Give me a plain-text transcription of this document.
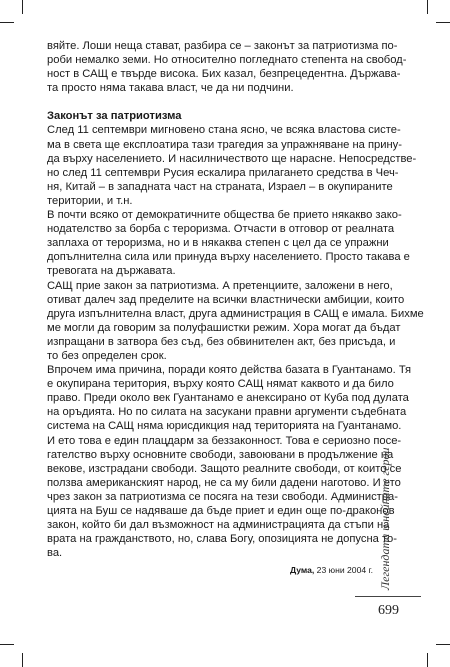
вяйте. Лоши неща стават, разбира се – законът за патриотизма по-
роби немалко земи. Но относително погледнато степента на свобод-
ност в САЩ е твърде висока. Бих казал, безпрецедентна. Държава-
та просто няма такава власт, че да ни подчини.

Законът за патриотизма

След 11 септември мигновено стана ясно, че всяка властова систе-
ма в света ще експлоатира тази трагедия за упражняване на прину-
да върху населението. И насилничеството ще нарасне. Непосредстве-
но след 11 септември Русия ескалира прилагането средства в Чеч-
ня, Китай – в западната част на страната, Израел – в окупираните
територии, и т.н.

В почти всяко от демократичните общества бе прието някакво зако-
нодателство за борба с тероризма. Отчасти в отговор от реалната
заплаха от тероризма, но и в някаква степен с цел да се упражни
допълнителна сила или принуда върху населението. Просто такава е
тревогата на държавата.

САЩ прие закон за патриотизма. А претенциите, заложени в него,
отиват далеч зад пределите на всички властнически амбиции, които
друга изпълнителна власт, друга администрация в САЩ е имала. Бихме
ме могли да говорим за полуфашистки режим. Хора могат да бъдат
изпращани в затвора без съд, без обвинителен акт, без присъда, и
то без определен срок.

Впрочем има причина, поради която действа базата в Гуантанамо. Тя
е окупирана територия, върху която САЩ нямат каквото и да било
право. Преди около век Гуантанамо е анексирано от Куба под дулата
на оръдията. Но по силата на засукани правни аргументи съдебната
система на САЩ няма юрисдикция над територията на Гуантанамо.
И ето това е един плацдарм за беззаконност. Това е сериозно посе-
гателство върху основните свободи, завоювани в продължение на
векове, изстрадани свободи. Защото реалните свободи, от които се
ползва американският народ, не са му били дадени наготово. И ето
чрез закон за патриотизма се посяга на тези свободи. Администра-
цията на Буш се надяваше да бъде приет и един още по-драконов
закон, който би дал възможност на администрацията да стъпи на
врата на гражданството, но, слава Богу, опозицията не допусна то-
ва.

Дума, 23 юни 2004 г. Легендата и нейните герои
699
